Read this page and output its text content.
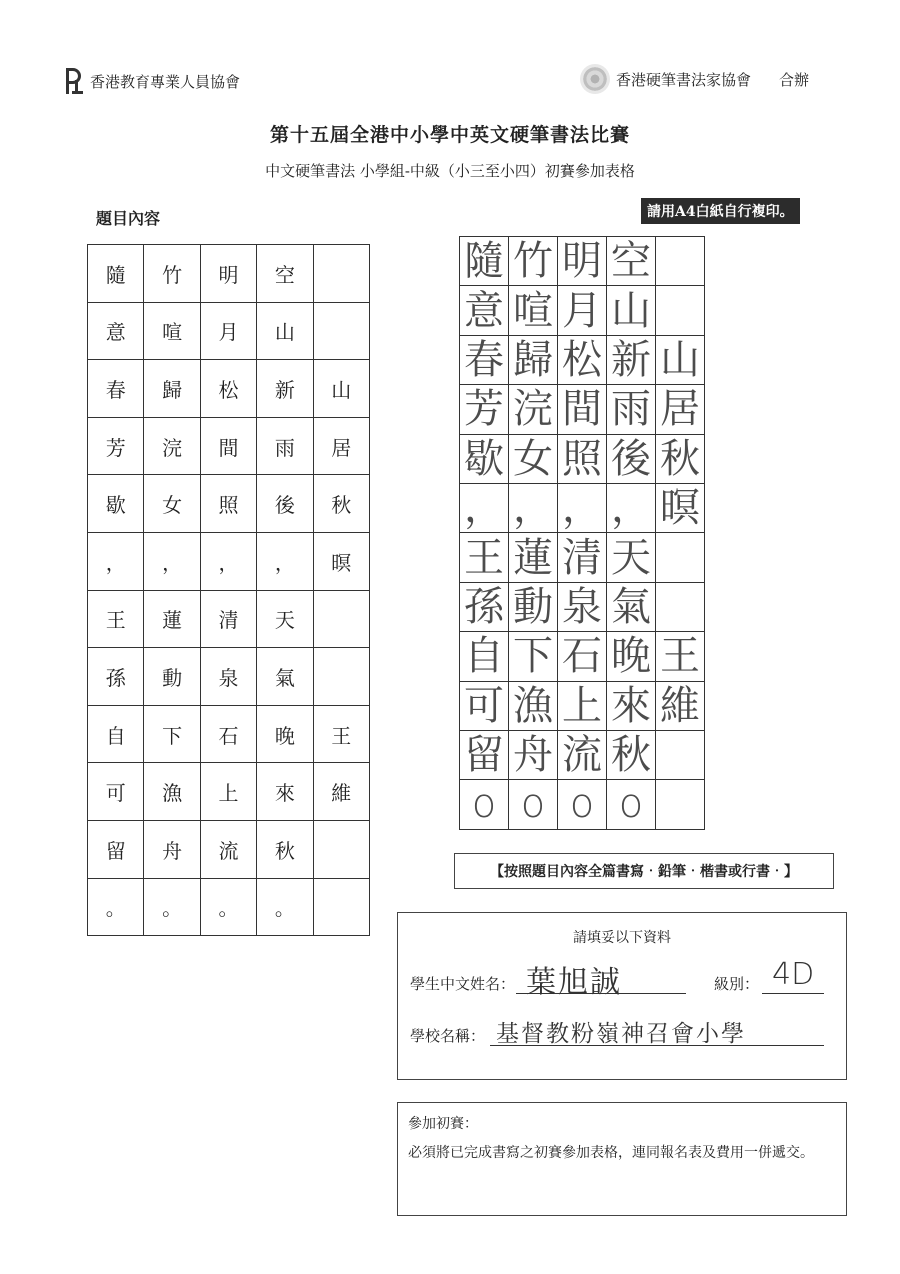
香港教育專業人員協會	香港硬筆書法家協會 合辦
第十五屆全港中小學中英文硬筆書法比賽
中文硬筆書法 小學組-中級（小三至小四）初賽參加表格
題目內容	請用A4白紙自行複印。
隨	竹	明	空
意	喧	月	山
春	歸	松	新	山
芳	浣	間	雨	居
歇	女	照	後	秋
，	，	，	，	暝
王	蓮	清	天
孫	動	泉	氣
自	下	石	晚	王
可	漁	上	來	維
留	舟	流	秋
。	。	。	。
隨 竹 明 空
意 喧 月 山
春 歸 松 新 山
芳 浣 間 雨 居
歇 女 照 後 秋
， ， ， ， 暝
王 蓮 清 天
孫 動 泉 氣
自 下 石 晚 王
可 漁 上 來 維
留 舟 流 秋
o o o o
【按照題目內容全篇書寫‧鉛筆‧楷書或行書‧】
請填妥以下資料
學生中文姓名： 葉旭誠	級別： 4D
學校名稱： 基督教粉嶺神召會小學
參加初賽：
必須將已完成書寫之初賽參加表格，連同報名表及費用一併遞交。
